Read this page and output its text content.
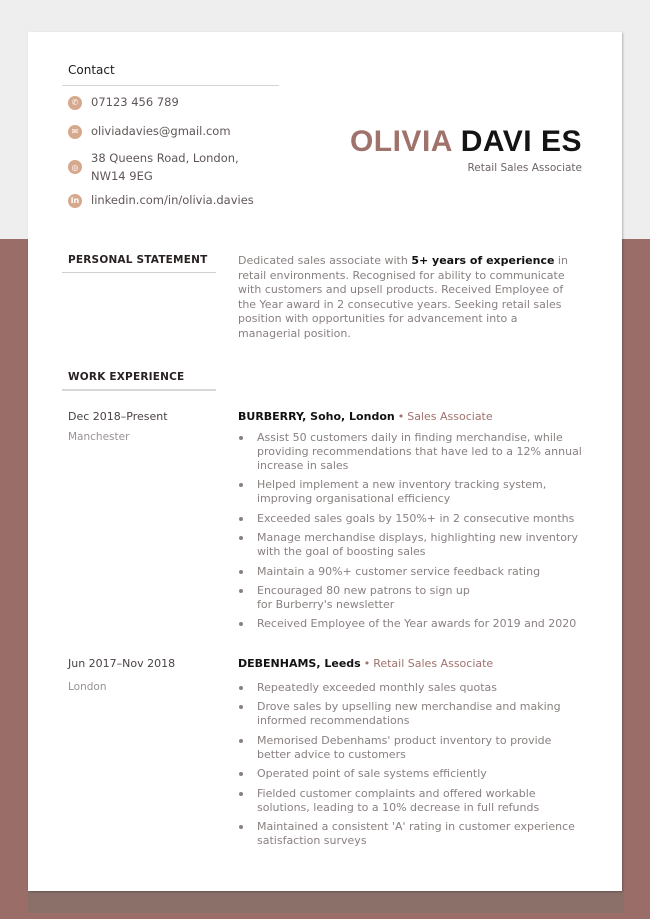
Contact
✆	07123 456 789
✉	oliviadavies@gmail.com
◎
38 Queens Road, London,
NW14 9EG
in linkedin.com/in/olivia.davies
OLIVIA DAVI ES
Retail Sales Associate
PERSONAL STATEMENT	Dedicated sales associate with 5+ years of experience in retail environments. Recognised for ability to communicate with customers and upsell products. Received Employee of the Year award in 2 consecutive years. Seeking retail sales position with opportunities for advancement into a managerial position.
WORK EXPERIENCE
Dec 2018–Present
Manchester
BURBERRY, Soho, London • Sales Associate
Assist 50 customers daily in finding merchandise, while providing recommendations that have led to a 12% annual increase in sales
Helped implement a new inventory tracking system, improving organisational efficiency
Exceeded sales goals by 150%+ in 2 consecutive months
Manage merchandise displays, highlighting new inventory with the goal of boosting sales
Maintain a 90%+ customer service feedback rating
Encouraged 80 new patrons to sign up for Burberry's newsletter
Received Employee of the Year awards for 2019 and 2020
Jun 2017–Nov 2018
London
DEBENHAMS, Leeds • Retail Sales Associate
Repeatedly exceeded monthly sales quotas
Drove sales by upselling new merchandise and making informed recommendations
Memorised Debenhams' product inventory to provide better advice to customers
Operated point of sale systems efficiently
Fielded customer complaints and offered workable solutions, leading to a 10% decrease in full refunds
Maintained a consistent 'A' rating in customer experience satisfaction surveys
